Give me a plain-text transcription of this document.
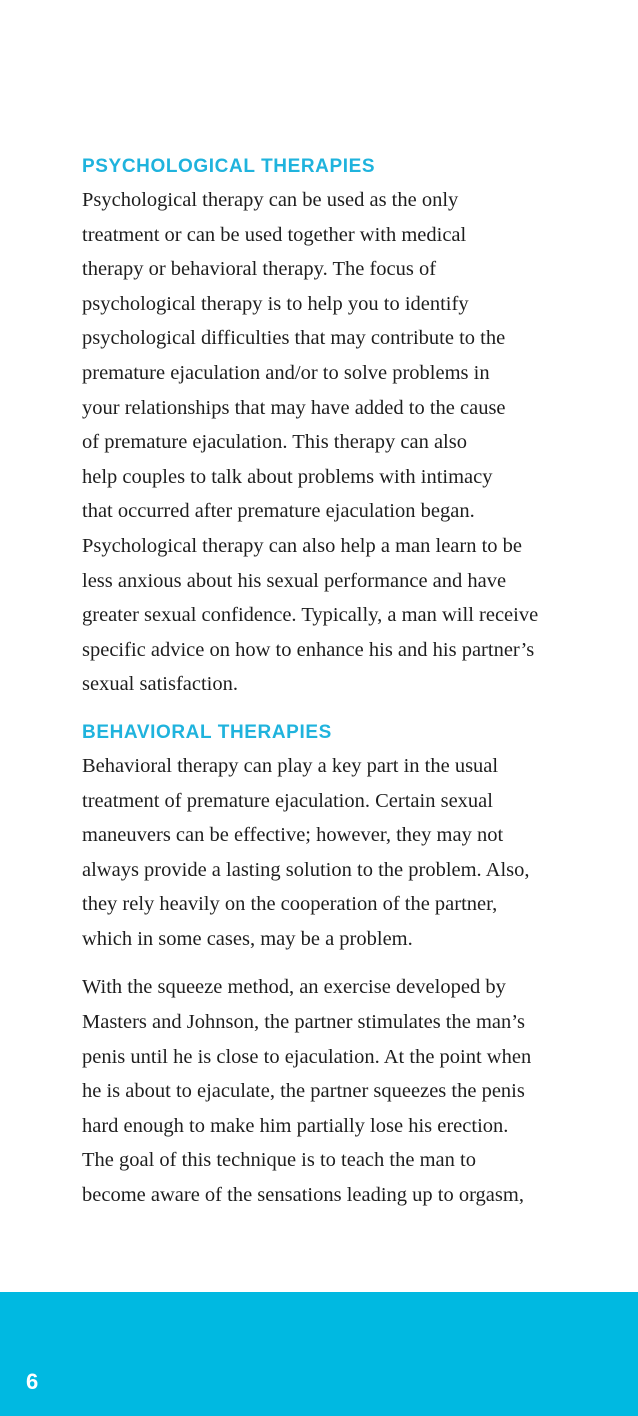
PSYCHOLOGICAL THERAPIES

Psychological therapy can be used as the only
treatment or can be used together with medical
therapy or behavioral therapy. The focus of
psychological therapy is to help you to identify
psychological difficulties that may contribute to the
premature ejaculation and/or to solve problems in
your relationships that may have added to the cause
of premature ejaculation. This therapy can also
help couples to talk about problems with intimacy
that occurred after premature ejaculation began.
Psychological therapy can also help a man learn to be
less anxious about his sexual performance and have
greater sexual confidence. Typically, a man will receive
specific advice on how to enhance his and his partner’s
sexual satisfaction.

BEHAVIORAL THERAPIES

Behavioral therapy can play a key part in the usual
treatment of premature ejaculation. Certain sexual
maneuvers can be effective; however, they may not
always provide a lasting solution to the problem. Also,
they rely heavily on the cooperation of the partner,
which in some cases, may be a problem.

With the squeeze method, an exercise developed by
Masters and Johnson, the partner stimulates the man’s
penis until he is close to ejaculation. At the point when
he is about to ejaculate, the partner squeezes the penis
hard enough to make him partially lose his erection.
The goal of this technique is to teach the man to
become aware of the sensations leading up to orgasm,

6
